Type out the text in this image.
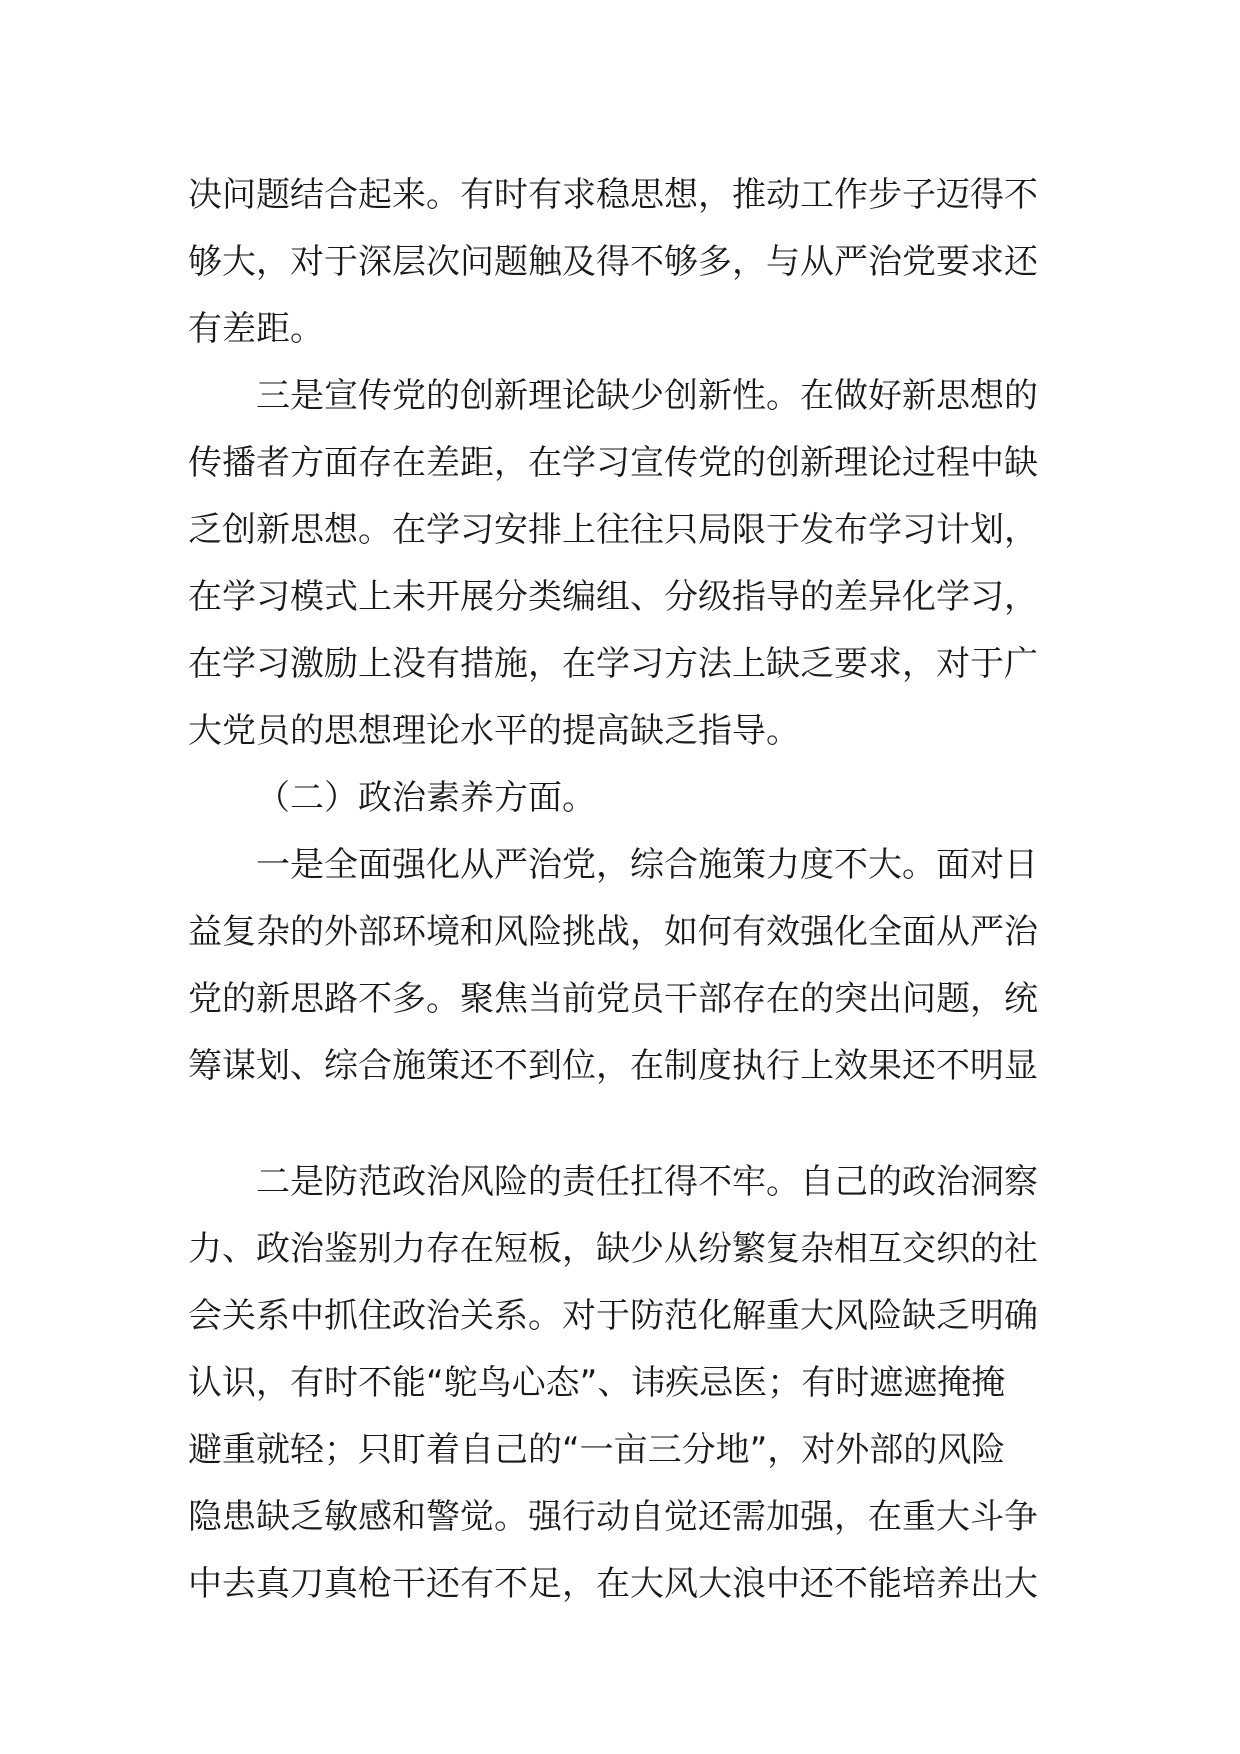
决问题结合起来。有时有求稳思想，推动工作步子迈得不
够大，对于深层次问题触及得不够多，与从严治党要求还
有差距。
三是宣传党的创新理论缺少创新性。在做好新思想的
传播者方面存在差距，在学习宣传党的创新理论过程中缺
乏创新思想。在学习安排上往往只局限于发布学习计划，
在学习模式上未开展分类编组、分级指导的差异化学习，
在学习激励上没有措施，在学习方法上缺乏要求，对于广
大党员的思想理论水平的提高缺乏指导。
（二）政治素养方面。
一是全面强化从严治党，综合施策力度不大。面对日
益复杂的外部环境和风险挑战，如何有效强化全面从严治
党的新思路不多。聚焦当前党员干部存在的突出问题，统
筹谋划、综合施策还不到位，在制度执行上效果还不明显
二是防范政治风险的责任扛得不牢。自己的政治洞察
力、政治鉴别力存在短板，缺少从纷繁复杂相互交织的社
会关系中抓住政治关系。对于防范化解重大风险缺乏明确
认识，有时不能“鸵鸟心态”、讳疾忌医；有时遮遮掩掩
避重就轻；只盯着自己的“一亩三分地”，对外部的风险
隐患缺乏敏感和警觉。强行动自觉还需加强，在重大斗争
中去真刀真枪干还有不足，在大风大浪中还不能培养出大
